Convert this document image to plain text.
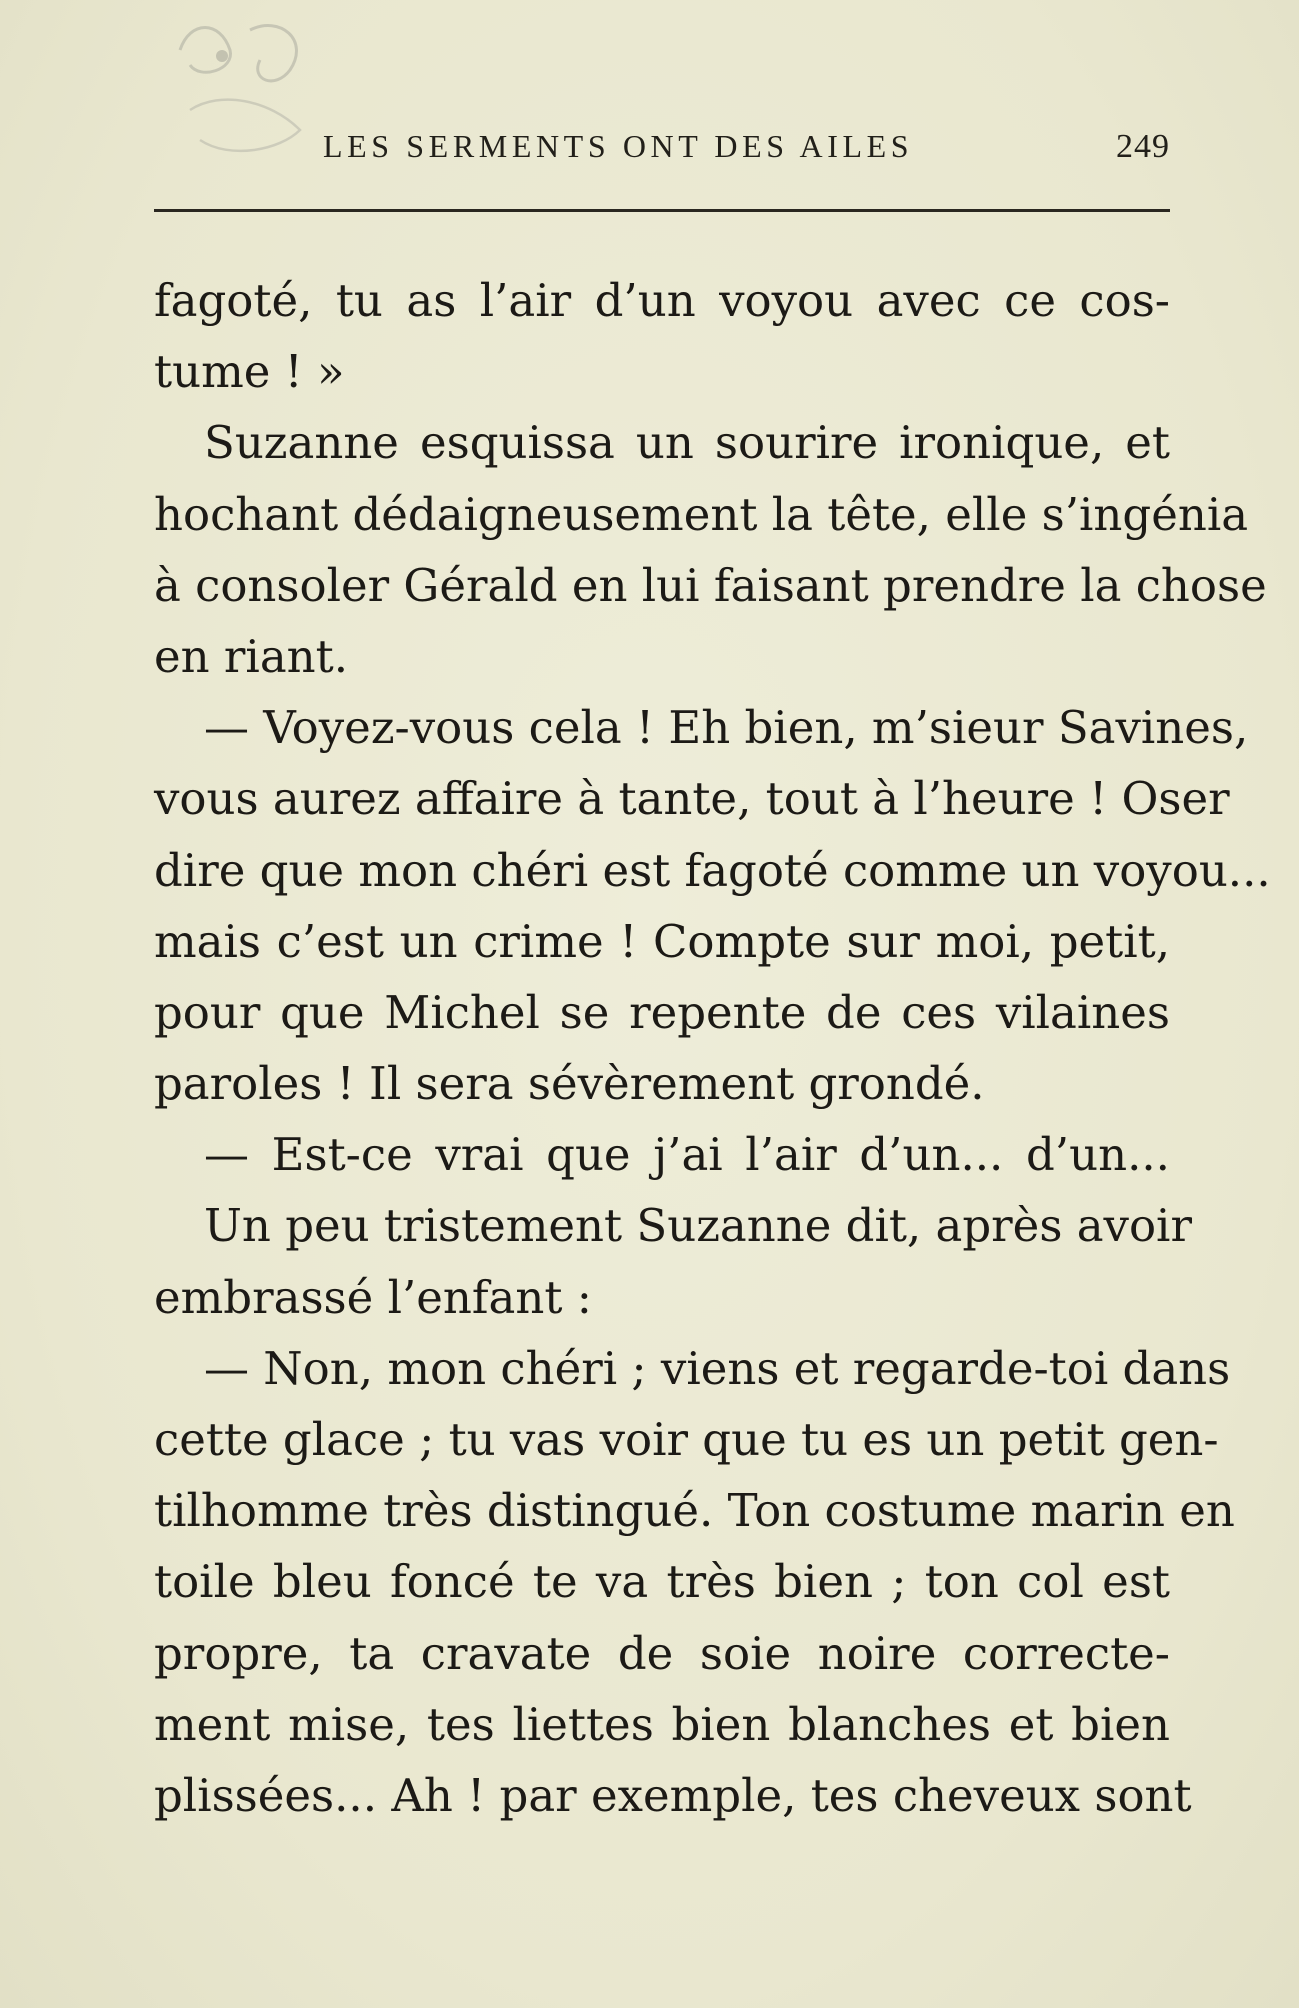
LES SERMENTS ONT DES AILES	249
fagoté, tu as l’air d’un voyou avec ce cos-
tume ! »
Suzanne esquissa un sourire ironique, et
hochant dédaigneusement la tête, elle s’ingénia
à consoler Gérald en lui faisant prendre la chose
en riant.
— Voyez-vous cela ! Eh bien, m’sieur Savines,
vous aurez affaire à tante, tout à l’heure ! Oser
dire que mon chéri est fagoté comme un voyou...
mais c’est un crime ! Compte sur moi, petit,
pour que Michel se repente de ces vilaines
paroles ! Il sera sévèrement grondé.
— Est-ce vrai que j’ai l’air d’un... d’un...
Un peu tristement Suzanne dit, après avoir
embrassé l’enfant :
— Non, mon chéri ; viens et regarde-toi dans
cette glace ; tu vas voir que tu es un petit gen-
tilhomme très distingué. Ton costume marin en
toile bleu foncé te va très bien ; ton col est
propre, ta cravate de soie noire correcte-
ment mise, tes liettes bien blanches et bien
plissées... Ah ! par exemple, tes cheveux sont
